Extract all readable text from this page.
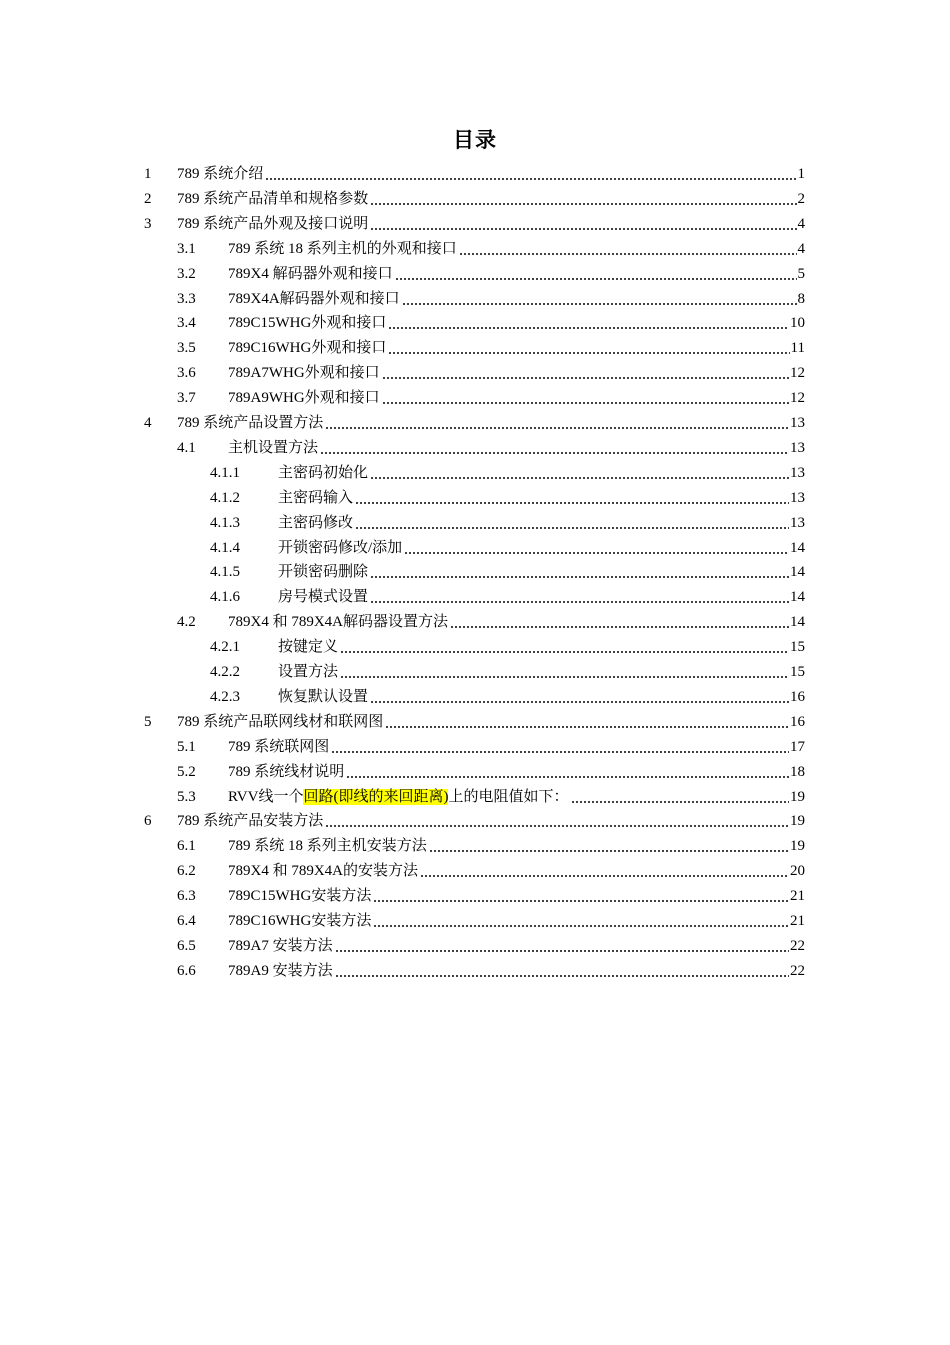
目录
1	789 系统介绍	1
2	789 系统产品清单和规格参数	2
3	789 系统产品外观及接口说明	4
3.1	789 系统 18 系列主机的外观和接口	4
3.2	789X4 解码器外观和接口	5
3.3	789X4A解码器外观和接口	8
3.4	789C15WHG外观和接口	10
3.5	789C16WHG外观和接口	11
3.6	789A7WHG外观和接口	12
3.7	789A9WHG外观和接口	12
4	789 系统产品设置方法	13
4.1	主机设置方法	13
4.1.1	主密码初始化	13
4.1.2	主密码输入	13
4.1.3	主密码修改	13
4.1.4	开锁密码修改/添加	14
4.1.5	开锁密码删除	14
4.1.6	房号模式设置	14
4.2	789X4 和 789X4A解码器设置方法	14
4.2.1	按键定义	15
4.2.2	设置方法	15
4.2.3	恢复默认设置	16
5	789 系统产品联网线材和联网图	16
5.1	789 系统联网图	17
5.2	789 系统线材说明	18
5.3	RVV线一个回路(即线的来回距离)上的电阻值如下：	19
6	789 系统产品安装方法	19
6.1	789 系统 18 系列主机安装方法	19
6.2	789X4 和 789X4A的安装方法	20
6.3	789C15WHG安装方法	21
6.4	789C16WHG安装方法	21
6.5	789A7 安装方法	22
6.6	789A9 安装方法	22
